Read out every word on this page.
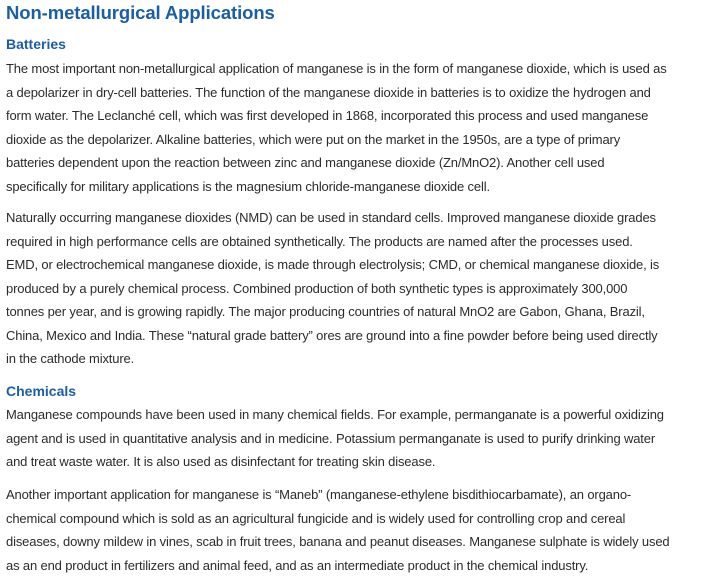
Non-metallurgical Applications
Batteries

The most important non-metallurgical application of manganese is in the form of manganese dioxide, which is used as
a depolarizer in dry-cell batteries. The function of the manganese dioxide in batteries is to oxidize the hydrogen and
form water. The Leclanché cell, which was first developed in 1868, incorporated this process and used manganese
dioxide as the depolarizer. Alkaline batteries, which were put on the market in the 1950s, are a type of primary
batteries dependent upon the reaction between zinc and manganese dioxide (Zn/MnO2). Another cell used
specifically for military applications is the magnesium chloride-manganese dioxide cell.

Naturally occurring manganese dioxides (NMD) can be used in standard cells. Improved manganese dioxide grades
required in high performance cells are obtained synthetically. The products are named after the processes used.
EMD, or electrochemical manganese dioxide, is made through electrolysis; CMD, or chemical manganese dioxide, is
produced by a purely chemical process. Combined production of both synthetic types is approximately 300,000
tonnes per year, and is growing rapidly. The major producing countries of natural MnO2 are Gabon, Ghana, Brazil,
China, Mexico and India. These “natural grade battery” ores are ground into a fine powder before being used directly
in the cathode mixture.

Chemicals

Manganese compounds have been used in many chemical fields. For example, permanganate is a powerful oxidizing
agent and is used in quantitative analysis and in medicine. Potassium permanganate is used to purify drinking water
and treat waste water. It is also used as disinfectant for treating skin disease.

Another important application for manganese is “Maneb” (manganese-ethylene bisdithiocarbamate), an organo-
chemical compound which is sold as an agricultural fungicide and is widely used for controlling crop and cereal
diseases, downy mildew in vines, scab in fruit trees, banana and peanut diseases. Manganese sulphate is widely used
as an end product in fertilizers and animal feed, and as an intermediate product in the chemical industry.
